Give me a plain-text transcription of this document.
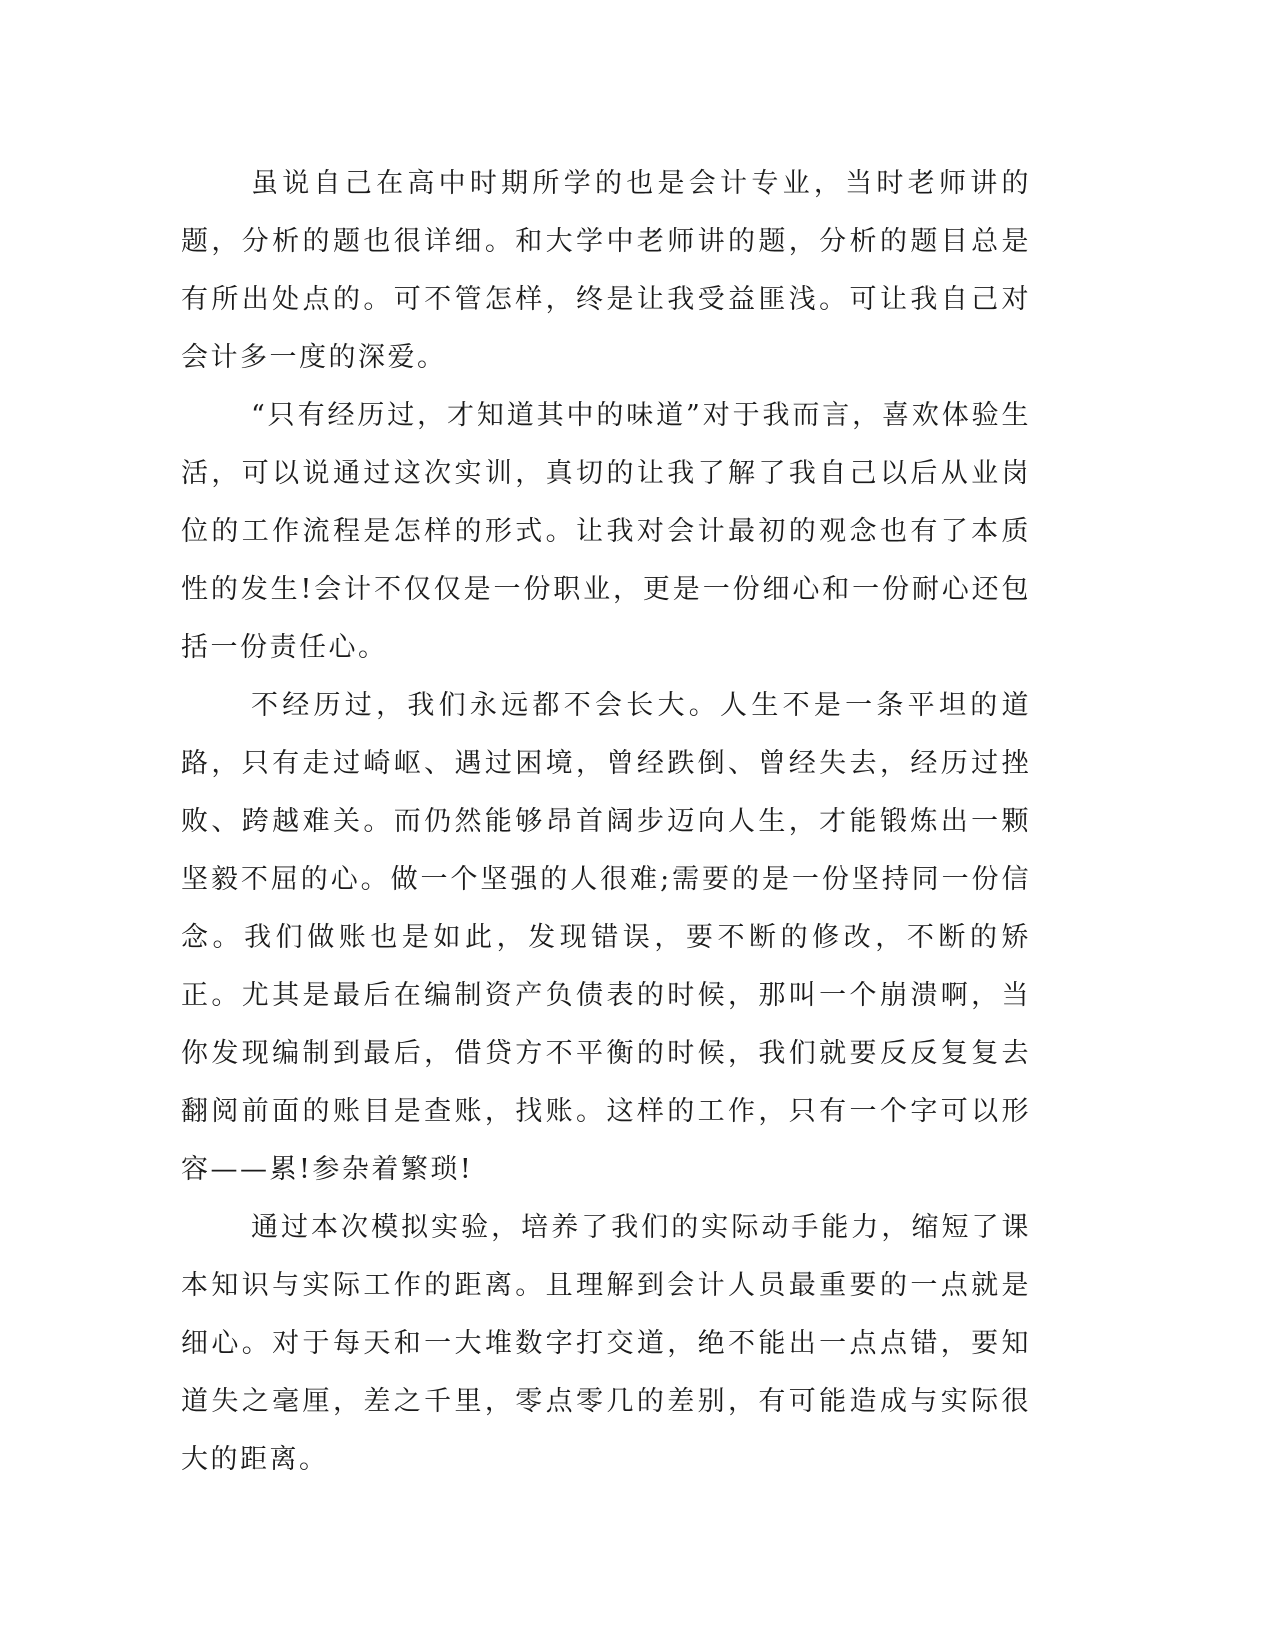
虽说自己在高中时期所学的也是会计专业，当时老师讲的题，分析的题也很详细。和大学中老师讲的题，分析的题目总是有所出处点的。可不管怎样，终是让我受益匪浅。可让我自己对会计多一度的深爱。

“只有经历过，才知道其中的味道”对于我而言，喜欢体验生活，可以说通过这次实训，真切的让我了解了我自己以后从业岗位的工作流程是怎样的形式。让我对会计最初的观念也有了本质性的发生!会计不仅仅是一份职业，更是一份细心和一份耐心还包括一份责任心。

不经历过，我们永远都不会长大。人生不是一条平坦的道路，只有走过崎岖、遇过困境，曾经跌倒、曾经失去，经历过挫败、跨越难关。而仍然能够昂首阔步迈向人生，才能锻炼出一颗坚毅不屈的心。做一个坚强的人很难;需要的是一份坚持同一份信念。我们做账也是如此，发现错误，要不断的修改，不断的矫正。尤其是最后在编制资产负债表的时候，那叫一个崩溃啊，当你发现编制到最后，借贷方不平衡的时候，我们就要反反复复去翻阅前面的账目是查账，找账。这样的工作，只有一个字可以形容——累!参杂着繁琐!

通过本次模拟实验，培养了我们的实际动手能力，缩短了课本知识与实际工作的距离。且理解到会计人员最重要的一点就是细心。对于每天和一大堆数字打交道，绝不能出一点点错，要知道失之毫厘，差之千里，零点零几的差别，有可能造成与实际很大的距离。
